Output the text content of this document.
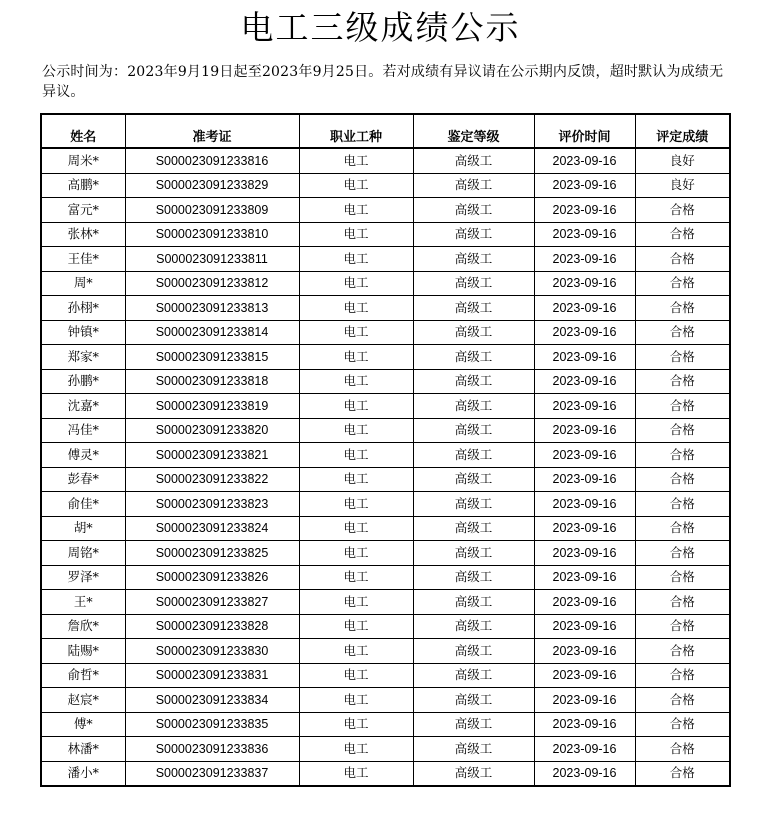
电工三级成绩公示
公示时间为：2023年9月19日起至2023年9月25日。若对成绩有异议请在公示期内反馈，超时默认为成绩无异议。
姓名	准考证	职业工种	鉴定等级	评价时间	评定成绩
周米*	S000023091233816	电工	高级工	2023-09-16	良好
高鹏*	S000023091233829	电工	高级工	2023-09-16	良好
富元*	S000023091233809	电工	高级工	2023-09-16	合格
张林*	S000023091233810	电工	高级工	2023-09-16	合格
王佳*	S000023091233811	电工	高级工	2023-09-16	合格
周*	S000023091233812	电工	高级工	2023-09-16	合格
孙栩*	S000023091233813	电工	高级工	2023-09-16	合格
钟镇*	S000023091233814	电工	高级工	2023-09-16	合格
郑家*	S000023091233815	电工	高级工	2023-09-16	合格
孙鹏*	S000023091233818	电工	高级工	2023-09-16	合格
沈嘉*	S000023091233819	电工	高级工	2023-09-16	合格
冯佳*	S000023091233820	电工	高级工	2023-09-16	合格
傅灵*	S000023091233821	电工	高级工	2023-09-16	合格
彭春*	S000023091233822	电工	高级工	2023-09-16	合格
俞佳*	S000023091233823	电工	高级工	2023-09-16	合格
胡*	S000023091233824	电工	高级工	2023-09-16	合格
周铭*	S000023091233825	电工	高级工	2023-09-16	合格
罗泽*	S000023091233826	电工	高级工	2023-09-16	合格
王*	S000023091233827	电工	高级工	2023-09-16	合格
詹欣*	S000023091233828	电工	高级工	2023-09-16	合格
陆赐*	S000023091233830	电工	高级工	2023-09-16	合格
俞哲*	S000023091233831	电工	高级工	2023-09-16	合格
赵宸*	S000023091233834	电工	高级工	2023-09-16	合格
傅*	S000023091233835	电工	高级工	2023-09-16	合格
林潘*	S000023091233836	电工	高级工	2023-09-16	合格
潘小*	S000023091233837	电工	高级工	2023-09-16	合格
